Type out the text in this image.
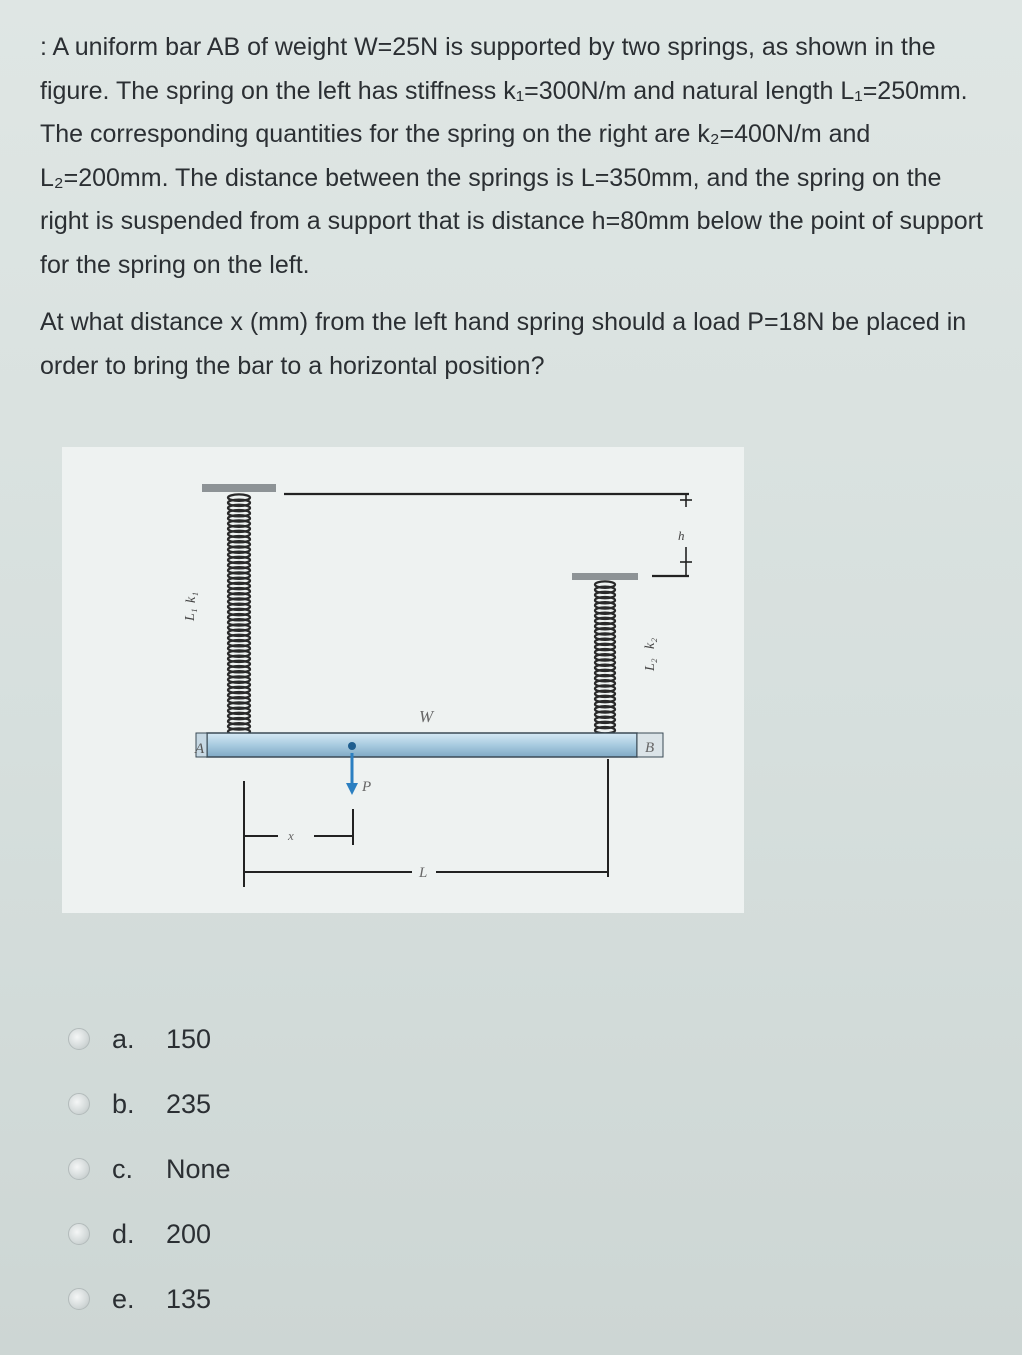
: A uniform bar AB of weight W=25N is supported by two springs, as shown in the figure. The spring on the left has stiffness k₁=300N/m and natural length L₁=250mm. The corresponding quantities for the spring on the right are k₂=400N/m and L₂=200mm. The distance between the springs is L=350mm, and the spring on the right is suspended from a support that is distance h=80mm below the point of support for the spring on the left.

At what distance x (mm) from the left hand spring should a load P=18N be placed in order to bring the bar to a horizontal position?

h
k₁
L₁
k₂
L₂
W
A	B
P
x
L
a.	150
b.	235
c.	None
d.	200
e.	135
